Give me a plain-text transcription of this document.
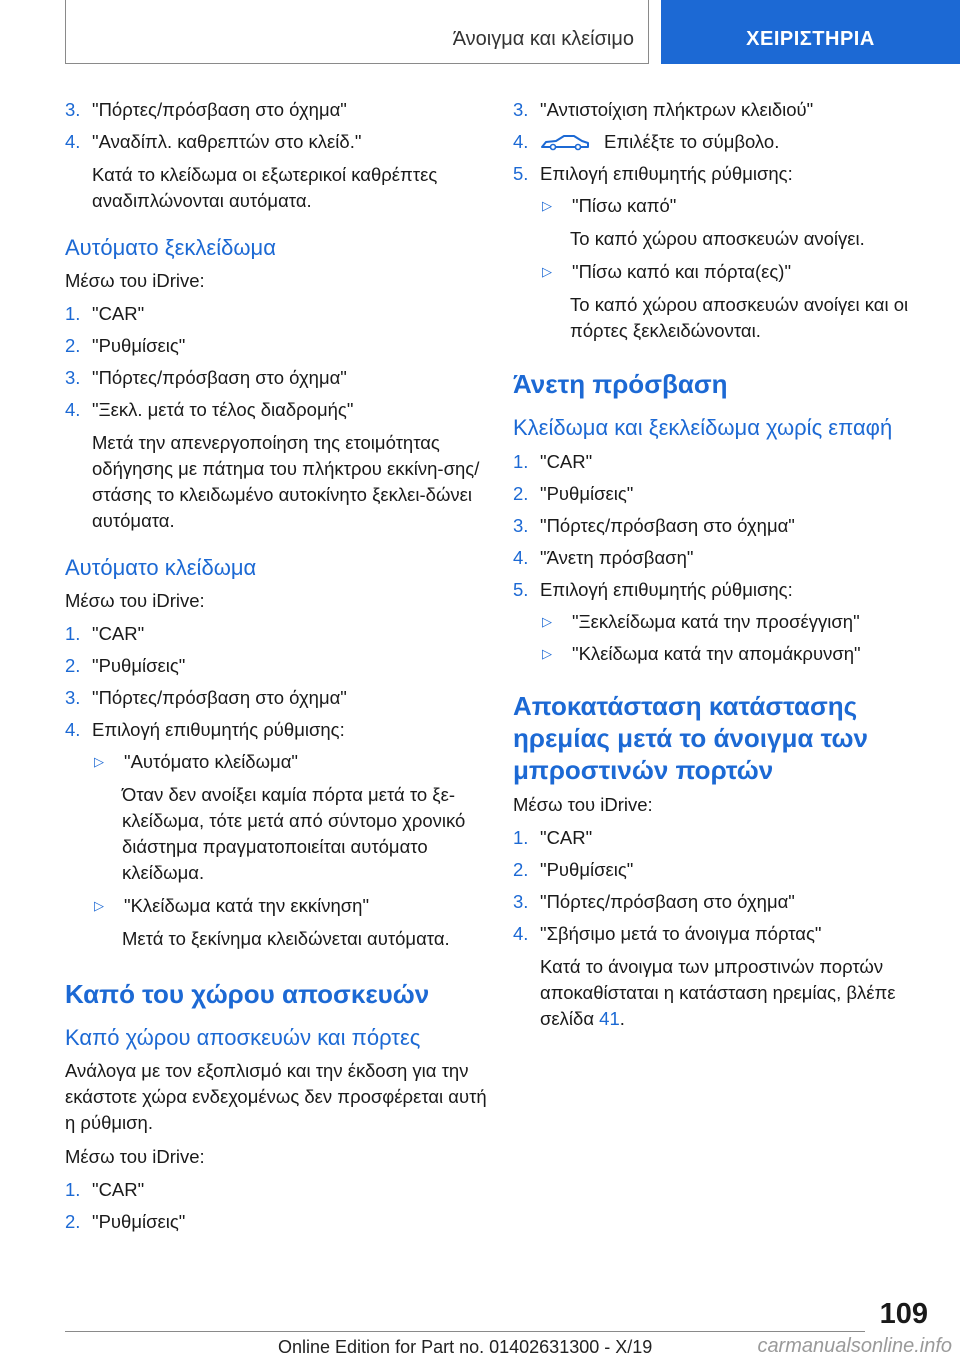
Άνοιγμα και κλείσιμο	ΧΕΙΡΙΣΤΗΡΙΑ
3. "Πόρτες/πρόσβαση στο όχημα"
4. "Αναδίπλ. καθρεπτών στο κλείδ."
Κατά το κλείδωμα οι εξωτερικοί καθρέπτες αναδιπλώνονται αυτόματα.
Αυτόματο ξεκλείδωμα
Μέσω του iDrive:
1. "CAR"
2. "Ρυθμίσεις"
3. "Πόρτες/πρόσβαση στο όχημα"
4. "Ξεκλ. μετά το τέλος διαδρομής"
Μετά την απενεργοποίηση της ετοιμότητας οδήγησης με πάτημα του πλήκτρου εκκίνη-σης/στάσης το κλειδωμένο αυτοκίνητο ξεκλει-δώνει αυτόματα.
Αυτόματο κλείδωμα
Μέσω του iDrive:
1. "CAR"
2. "Ρυθμίσεις"
3. "Πόρτες/πρόσβαση στο όχημα"
4. Επιλογή επιθυμητής ρύθμισης:
▷	"Αυτόματο κλείδωμα"
Όταν δεν ανοίξει καμία πόρτα μετά το ξε-κλείδωμα, τότε μετά από σύντομο χρονικό διάστημα πραγματοποιείται αυτόματο κλείδωμα.
▷	"Κλείδωμα κατά την εκκίνηση"
Μετά το ξεκίνημα κλειδώνεται αυτόματα.
Καπό του χώρου αποσκευών
Καπό χώρου αποσκευών και πόρτες
Ανάλογα με τον εξοπλισμό και την έκδοση για την εκάστοτε χώρα ενδεχομένως δεν προσφέρεται αυτή η ρύθμιση.
Μέσω του iDrive:
1. "CAR"
2. "Ρυθμίσεις"
3. "Αντιστοίχιση πλήκτρων κλειδιού"
4.	Επιλέξτε το σύμβολο.
5. Επιλογή επιθυμητής ρύθμισης:
▷	"Πίσω καπό"
Το καπό χώρου αποσκευών ανοίγει.
▷	"Πίσω καπό και πόρτα(ες)"
Το καπό χώρου αποσκευών ανοίγει και οι πόρτες ξεκλειδώνονται.
Άνετη πρόσβαση
Κλείδωμα και ξεκλείδωμα χωρίς επαφή
1. "CAR"
2. "Ρυθμίσεις"
3. "Πόρτες/πρόσβαση στο όχημα"
4. "Άνετη πρόσβαση"
5. Επιλογή επιθυμητής ρύθμισης:
▷	"Ξεκλείδωμα κατά την προσέγγιση"
▷	"Κλείδωμα κατά την απομάκρυνση"
Αποκατάσταση κατάστασης ηρεμίας μετά το άνοιγμα των μπροστινών πορτών
Μέσω του iDrive:
1. "CAR"
2. "Ρυθμίσεις"
3. "Πόρτες/πρόσβαση στο όχημα"
4. "Σβήσιμο μετά το άνοιγμα πόρτας"
Κατά το άνοιγμα των μπροστινών πορτών αποκαθίσταται η κατάσταση ηρεμίας, βλέπε σελίδα 41.
109
Online Edition for Part no. 01402631300 - X/19	carmanualsonline.info
